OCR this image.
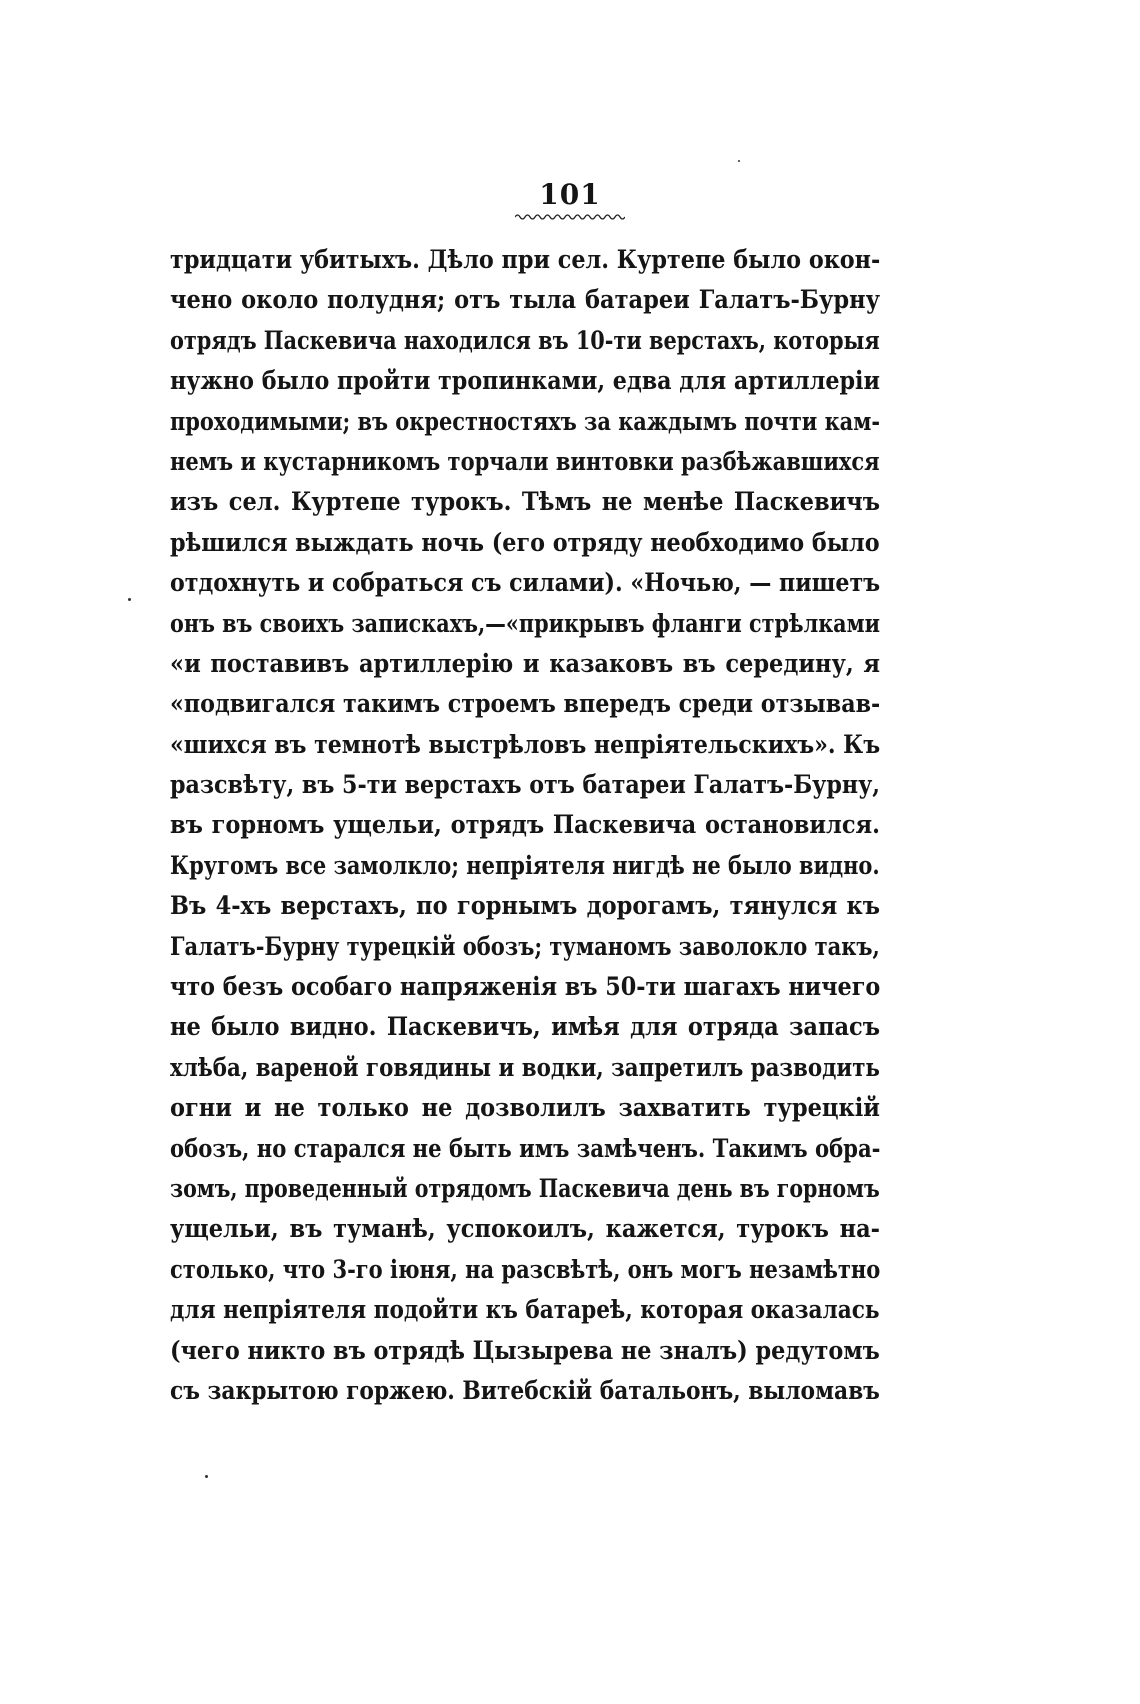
101
тридцати убитыхъ. Дѣло при сел. Куртепе было окон-
чено около полудня; отъ тыла батареи Галатъ-Бурну
отрядъ Паскевича находился въ 10-ти верстахъ, которыя
нужно было пройти тропинками, едва для артиллеріи
проходимыми; въ окрестностяхъ за каждымъ почти кам-
немъ и кустарникомъ торчали винтовки разбѣжавшихся
изъ сел. Куртепе турокъ. Тѣмъ не менѣе Паскевичъ
рѣшился выждать ночь (его отряду необходимо было
отдохнуть и собраться съ силами). «Ночью, — пишетъ
онъ въ своихъ запискахъ,—«прикрывъ фланги стрѣлками
«и поставивъ артиллерію и казаковъ въ середину, я
«подвигался такимъ строемъ впередъ среди отзывав-
«шихся въ темнотѣ выстрѣловъ непріятельскихъ». Къ
разсвѣту, въ 5-ти верстахъ отъ батареи Галатъ-Бурну,
въ горномъ ущельи, отрядъ Паскевича остановился.
Кругомъ все замолкло; непріятеля нигдѣ не было видно.
Въ 4-хъ верстахъ, по горнымъ дорогамъ, тянулся къ
Галатъ-Бурну турецкій обозъ; туманомъ заволокло такъ,
что безъ особаго напряженія въ 50-ти шагахъ ничего
не было видно. Паскевичъ, имѣя для отряда запасъ
хлѣба, вареной говядины и водки, запретилъ разводить
огни и не только не дозволилъ захватить турецкій
обозъ, но старался не быть имъ замѣченъ. Такимъ обра-
зомъ, проведенный отрядомъ Паскевича день въ горномъ
ущельи, въ туманѣ, успокоилъ, кажется, турокъ на-
столько, что 3-го іюня, на разсвѣтѣ, онъ могъ незамѣтно
для непріятеля подойти къ батареѣ, которая оказалась
(чего никто въ отрядѣ Цызырева не зналъ) редутомъ
съ закрытою горжею. Витебскій батальонъ, выломавъ
